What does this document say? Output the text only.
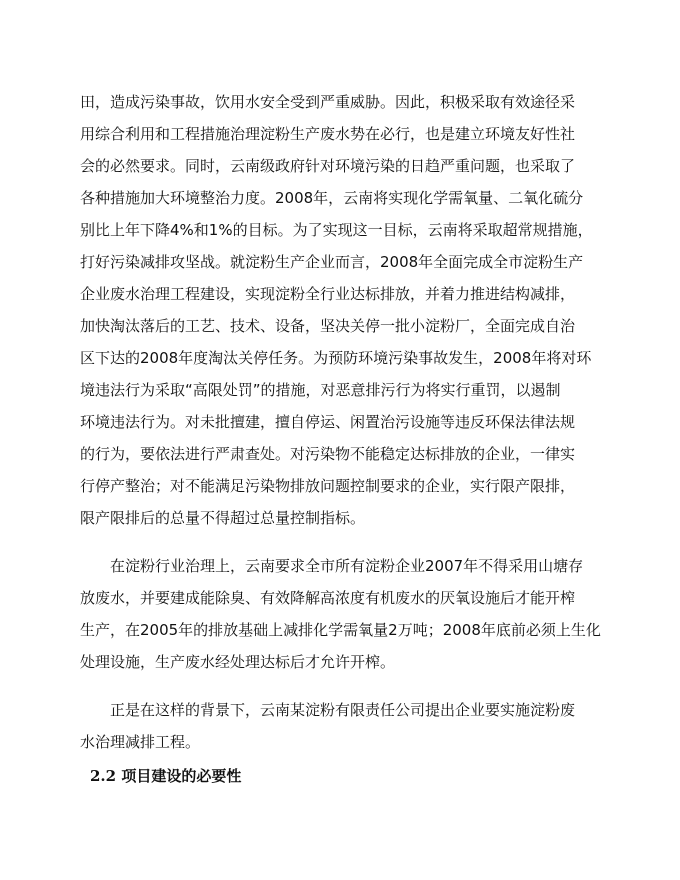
田，造成污染事故，饮用水安全受到严重威胁。因此，积极采取有效途径采
用综合利用和工程措施治理淀粉生产废水势在必行，也是建立环境友好性社
会的必然要求。同时，云南级政府针对环境污染的日趋严重问题，也采取了
各种措施加大环境整治力度。2008年，云南将实现化学需氧量、二氧化硫分
别比上年下降4%和1%的目标。为了实现这一目标，云南将采取超常规措施，
打好污染减排攻坚战。就淀粉生产企业而言，2008年全面完成全市淀粉生产
企业废水治理工程建设，实现淀粉全行业达标排放，并着力推进结构减排，
加快淘汰落后的工艺、技术、设备，坚决关停一批小淀粉厂，全面完成自治
区下达的2008年度淘汰关停任务。为预防环境污染事故发生，2008年将对环
境违法行为采取“高限处罚”的措施，对恶意排污行为将实行重罚，以遏制
环境违法行为。对未批擅建，擅自停运、闲置治污设施等违反环保法律法规
的行为，要依法进行严肃查处。对污染物不能稳定达标排放的企业，一律实
行停产整治；对不能满足污染物排放问题控制要求的企业，实行限产限排，
限产限排后的总量不得超过总量控制指标。
在淀粉行业治理上，云南要求全市所有淀粉企业2007年不得采用山塘存
放废水，并要建成能除臭、有效降解高浓度有机废水的厌氧设施后才能开榨
生产，在2005年的排放基础上减排化学需氧量2万吨；2008年底前必须上生化
处理设施，生产废水经处理达标后才允许开榨。
正是在这样的背景下，云南某淀粉有限责任公司提出企业要实施淀粉废
水治理减排工程。
2.2 项目建设的必要性
